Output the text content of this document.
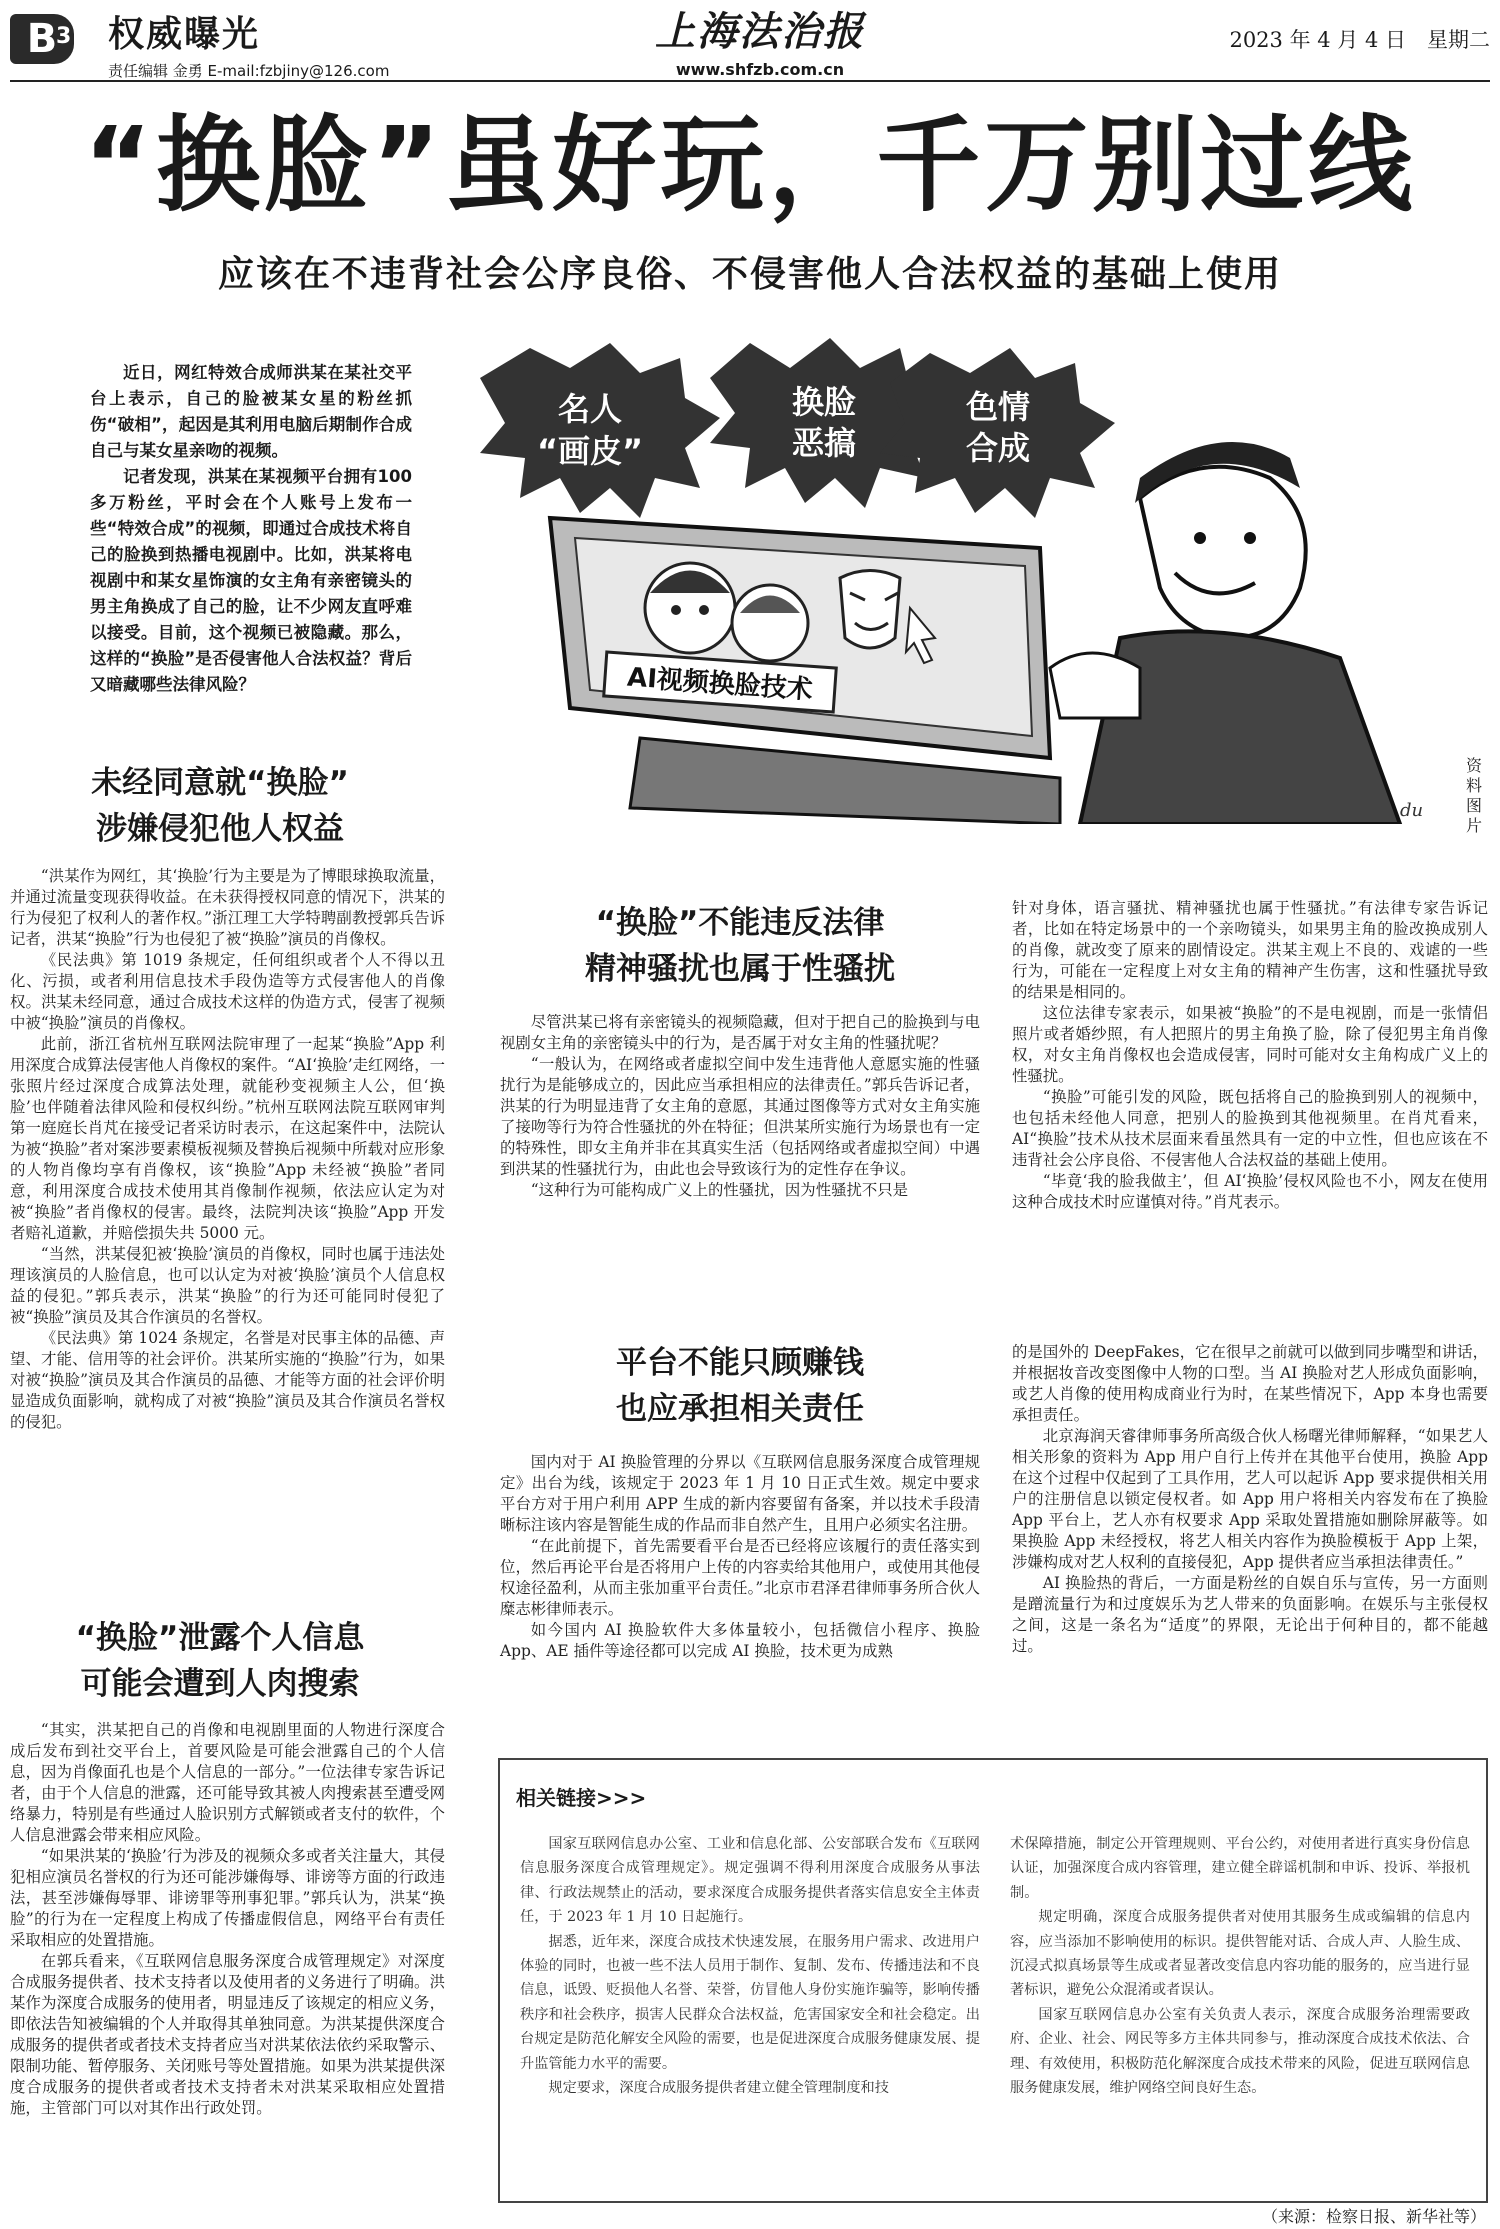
B
3 权威曝光
责任编辑 金勇 E-mail:fzbjiny@126.com
上海法治报
www.shfzb.com.cn
2023 年 4 月 4 日　星期二
“换脸”虽好玩，千万别过线
应该在不违背社会公序良俗、不侵害他人合法权益的基础上使用

近日，网红特效合成师洪某在某社交平台上表示，自己的脸被某女星的粉丝抓伤“破相”，起因是其利用电脑后期制作合成自己与某女星亲吻的视频。

记者发现，洪某在某视频平台拥有100多万粉丝，平时会在个人账号上发布一些“特效合成”的视频，即通过合成技术将自己的脸换到热播电视剧中。比如，洪某将电视剧中和某女星饰演的女主角有亲密镜头的男主角换成了自己的脸，让不少网友直呼难以接受。目前，这个视频已被隐藏。那么，这样的“换脸”是否侵害他人合法权益？背后又暗藏哪些法律风险？

名人
“画皮”
换脸
恶搞
色情
合成
AI视频换脸技术
du
资料图片
未经同意就“换脸”
涉嫌侵犯他人权益

“洪某作为网红，其‘换脸’行为主要是为了博眼球换取流量，并通过流量变现获得收益。在未获得授权同意的情况下，洪某的行为侵犯了权利人的著作权。”浙江理工大学特聘副教授郭兵告诉记者，洪某“换脸”行为也侵犯了被“换脸”演员的肖像权。

《民法典》第 1019 条规定，任何组织或者个人不得以丑化、污损，或者利用信息技术手段伪造等方式侵害他人的肖像权。洪某未经同意，通过合成技术这样的伪造方式，侵害了视频中被“换脸”演员的肖像权。

此前，浙江省杭州互联网法院审理了一起某“换脸”App 利用深度合成算法侵害他人肖像权的案件。“AI‘换脸’走红网络，一张照片经过深度合成算法处理，就能秒变视频主人公，但‘换脸’也伴随着法律风险和侵权纠纷。”杭州互联网法院互联网审判第一庭庭长肖芃在接受记者采访时表示，在这起案件中，法院认为被“换脸”者对案涉要素模板视频及替换后视频中所载对应形象的人物肖像均享有肖像权，该“换脸”App 未经被“换脸”者同意，利用深度合成技术使用其肖像制作视频，依法应认定为对被“换脸”者肖像权的侵害。最终，法院判决该“换脸”App 开发者赔礼道歉，并赔偿损失共 5000 元。

“当然，洪某侵犯被‘换脸’演员的肖像权，同时也属于违法处理该演员的人脸信息，也可以认定为对被‘换脸’演员个人信息权益的侵犯。”郭兵表示，洪某“换脸”的行为还可能同时侵犯了被“换脸”演员及其合作演员的名誉权。

《民法典》第 1024 条规定，名誉是对民事主体的品德、声望、才能、信用等的社会评价。洪某所实施的“换脸”行为，如果对被“换脸”演员及其合作演员的品德、才能等方面的社会评价明显造成负面影响，就构成了对被“换脸”演员及其合作演员名誉权的侵犯。

“换脸”泄露个人信息
可能会遭到人肉搜索

“其实，洪某把自己的肖像和电视剧里面的人物进行深度合成后发布到社交平台上，首要风险是可能会泄露自己的个人信息，因为肖像面孔也是个人信息的一部分。”一位法律专家告诉记者，由于个人信息的泄露，还可能导致其被人肉搜索甚至遭受网络暴力，特别是有些通过人脸识别方式解锁或者支付的软件，个人信息泄露会带来相应风险。

“如果洪某的‘换脸’行为涉及的视频众多或者关注量大，其侵犯相应演员名誉权的行为还可能涉嫌侮辱、诽谤等方面的行政违法，甚至涉嫌侮辱罪、诽谤罪等刑事犯罪。”郭兵认为，洪某“换脸”的行为在一定程度上构成了传播虚假信息，网络平台有责任采取相应的处置措施。

在郭兵看来，《互联网信息服务深度合成管理规定》对深度合成服务提供者、技术支持者以及使用者的义务进行了明确。洪某作为深度合成服务的使用者，明显违反了该规定的相应义务，即依法告知被编辑的个人并取得其单独同意。为洪某提供深度合成服务的提供者或者技术支持者应当对洪某依法依约采取警示、限制功能、暂停服务、关闭账号等处置措施。如果为洪某提供深度合成服务的提供者或者技术支持者未对洪某采取相应处置措施，主管部门可以对其作出行政处罚。

“换脸”不能违反法律
精神骚扰也属于性骚扰

尽管洪某已将有亲密镜头的视频隐藏，但对于把自己的脸换到与电视剧女主角的亲密镜头中的行为，是否属于对女主角的性骚扰呢？

“一般认为，在网络或者虚拟空间中发生违背他人意愿实施的性骚扰行为是能够成立的，因此应当承担相应的法律责任。”郭兵告诉记者，洪某的行为明显违背了女主角的意愿，其通过图像等方式对女主角实施了接吻等行为符合性骚扰的外在特征；但洪某所实施行为场景也有一定的特殊性，即女主角并非在其真实生活（包括网络或者虚拟空间）中遇到洪某的性骚扰行为，由此也会导致该行为的定性存在争议。

“这种行为可能构成广义上的性骚扰，因为性骚扰不只是

针对身体，语言骚扰、精神骚扰也属于性骚扰。”有法律专家告诉记者，比如在特定场景中的一个亲吻镜头，如果男主角的脸改换成别人的肖像，就改变了原来的剧情设定。洪某主观上不良的、戏谑的一些行为，可能在一定程度上对女主角的精神产生伤害，这和性骚扰导致的结果是相同的。

这位法律专家表示，如果被“换脸”的不是电视剧，而是一张情侣照片或者婚纱照，有人把照片的男主角换了脸，除了侵犯男主角肖像权，对女主角肖像权也会造成侵害，同时可能对女主角构成广义上的性骚扰。

“换脸”可能引发的风险，既包括将自己的脸换到别人的视频中，也包括未经他人同意，把别人的脸换到其他视频里。在肖芃看来，AI“换脸”技术从技术层面来看虽然具有一定的中立性，但也应该在不违背社会公序良俗、不侵害他人合法权益的基础上使用。

“毕竟‘我的脸我做主’，但 AI‘换脸’侵权风险也不小，网友在使用这种合成技术时应谨慎对待。”肖芃表示。

平台不能只顾赚钱
也应承担相关责任

国内对于 AI 换脸管理的分界以《互联网信息服务深度合成管理规定》出台为线，该规定于 2023 年 1 月 10 日正式生效。规定中要求平台方对于用户利用 APP 生成的新内容要留有备案，并以技术手段清晰标注该内容是智能生成的作品而非自然产生，且用户必须实名注册。

“在此前提下，首先需要看平台是否已经将应该履行的责任落实到位，然后再论平台是否将用户上传的内容卖给其他用户，或使用其他侵权途径盈利，从而主张加重平台责任。”北京市君泽君律师事务所合伙人糜志彬律师表示。

如今国内 AI 换脸软件大多体量较小，包括微信小程序、换脸 App、AE 插件等途径都可以完成 AI 换脸，技术更为成熟

的是国外的 DeepFakes，它在很早之前就可以做到同步嘴型和讲话，并根据妆音改变图像中人物的口型。当 AI 换脸对艺人形成负面影响，或艺人肖像的使用构成商业行为时，在某些情况下，App 本身也需要承担责任。

北京海润天睿律师事务所高级合伙人杨曙光律师解释，“如果艺人相关形象的资料为 App 用户自行上传并在其他平台使用，换脸 App 在这个过程中仅起到了工具作用，艺人可以起诉 App 要求提供相关用户的注册信息以锁定侵权者。如 App 用户将相关内容发布在了换脸 App 平台上，艺人亦有权要求 App 采取处置措施如删除屏蔽等。如果换脸 App 未经授权，将艺人相关内容作为换脸模板于 App 上架，涉嫌构成对艺人权利的直接侵犯，App 提供者应当承担法律责任。”

AI 换脸热的背后，一方面是粉丝的自娱自乐与宣传，另一方面则是蹭流量行为和过度娱乐为艺人带来的负面影响。在娱乐与主张侵权之间，这是一条名为“适度”的界限，无论出于何种目的，都不能越过。

相关链接>>>

国家互联网信息办公室、工业和信息化部、公安部联合发布《互联网信息服务深度合成管理规定》。规定强调不得利用深度合成服务从事法律、行政法规禁止的活动，要求深度合成服务提供者落实信息安全主体责任，于 2023 年 1 月 10 日起施行。

据悉，近年来，深度合成技术快速发展，在服务用户需求、改进用户体验的同时，也被一些不法人员用于制作、复制、发布、传播违法和不良信息，诋毁、贬损他人名誉、荣誉，仿冒他人身份实施诈骗等，影响传播秩序和社会秩序，损害人民群众合法权益，危害国家安全和社会稳定。出台规定是防范化解安全风险的需要，也是促进深度合成服务健康发展、提升监管能力水平的需要。

规定要求，深度合成服务提供者建立健全管理制度和技

术保障措施，制定公开管理规则、平台公约，对使用者进行真实身份信息认证，加强深度合成内容管理，建立健全辟谣机制和申诉、投诉、举报机制。

规定明确，深度合成服务提供者对使用其服务生成或编辑的信息内容，应当添加不影响使用的标识。提供智能对话、合成人声、人脸生成、沉浸式拟真场景等生成或者显著改变信息内容功能的服务的，应当进行显著标识，避免公众混淆或者误认。

国家互联网信息办公室有关负责人表示，深度合成服务治理需要政府、企业、社会、网民等多方主体共同参与，推动深度合成技术依法、合理、有效使用，积极防范化解深度合成技术带来的风险，促进互联网信息服务健康发展，维护网络空间良好生态。

（来源：检察日报、新华社等）
